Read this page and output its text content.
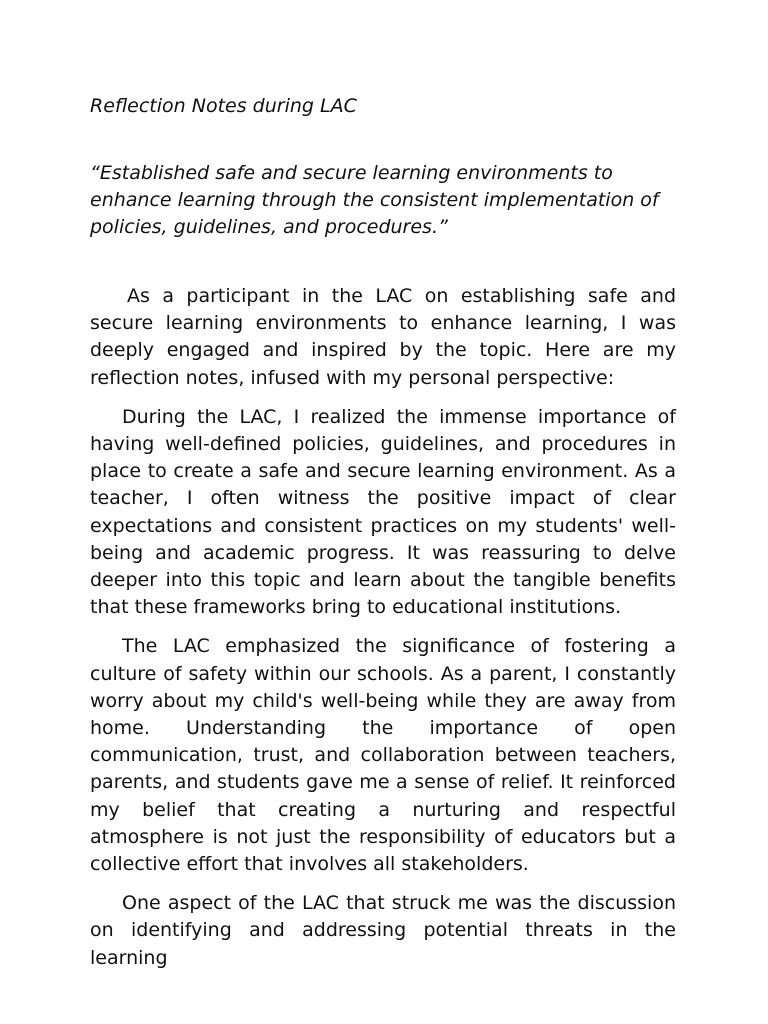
Reflection Notes during LAC

“Established safe and secure learning environments to enhance learning through the consistent implementation of policies, guidelines, and procedures.”

As a participant in the LAC on establishing safe and secure learning environments to enhance learning, I was deeply engaged and inspired by the topic. Here are my reflection notes, infused with my personal perspective:

During the LAC, I realized the immense importance of having well-defined policies, guidelines, and procedures in place to create a safe and secure learning environment. As a teacher, I often witness the positive impact of clear expectations and consistent practices on my students' well-being and academic progress. It was reassuring to delve deeper into this topic and learn about the tangible benefits that these frameworks bring to educational institutions.

The LAC emphasized the significance of fostering a culture of safety within our schools. As a parent, I constantly worry about my child's well-being while they are away from home. Understanding the importance of open communication, trust, and collaboration between teachers, parents, and students gave me a sense of relief. It reinforced my belief that creating a nurturing and respectful atmosphere is not just the responsibility of educators but a collective effort that involves all stakeholders.

One aspect of the LAC that struck me was the discussion on identifying and addressing potential threats in the learning
